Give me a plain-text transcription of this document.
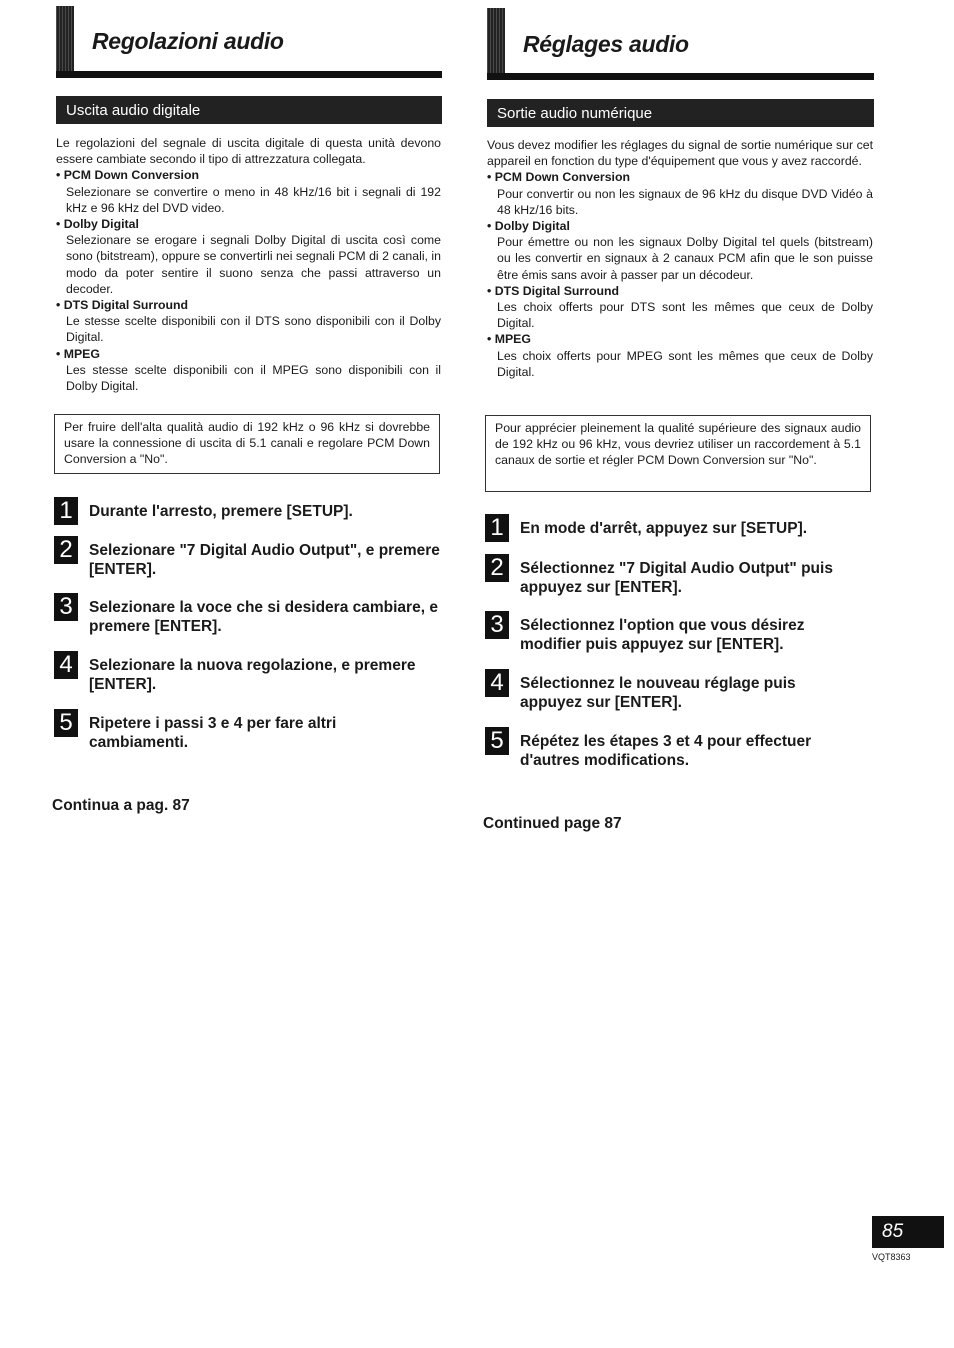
Regolazioni audio
Uscita audio digitale

Le regolazioni del segnale di uscita digitale di questa unità devono essere cambiate secondo il tipo di attrezzatura collegata.

• PCM Down Conversion

Selezionare se convertire o meno in 48 kHz/16 bit i segnali di 192 kHz e 96 kHz del DVD video.

• Dolby Digital

Selezionare se erogare i segnali Dolby Digital di uscita così come sono (bitstream), oppure se convertirli nei segnali PCM di 2 canali, in modo da poter sentire il suono senza che passi attraverso un decoder.

• DTS Digital Surround

Le stesse scelte disponibili con il DTS sono disponibili con il Dolby Digital.

• MPEG

Les stesse scelte disponibili con il MPEG sono disponibili con il Dolby Digital.

Per fruire dell'alta qualità audio di 192 kHz o 96 kHz si dovrebbe usare la connessione di uscita di 5.1 canali e regolare PCM Down Conversion a "No".
1	Durante l'arresto, premere [SETUP].
2	Selezionare "7 Digital Audio Output", e premere [ENTER].
3	Selezionare la voce che si desidera cambiare, e premere [ENTER].
4	Selezionare la nuova regolazione, e premere [ENTER].
5	Ripetere i passi 3 e 4 per fare altri cambiamenti.
Continua a pag. 87
Réglages audio
Sortie audio numérique

Vous devez modifier les réglages du signal de sortie numérique sur cet appareil en fonction du type d'équipement que vous y avez raccordé.

• PCM Down Conversion

Pour convertir ou non les signaux de 96 kHz du disque DVD Vidéo à 48 kHz/16 bits.

• Dolby Digital

Pour émettre ou non les signaux Dolby Digital tel quels (bitstream) ou les convertir en signaux à 2 canaux PCM afin que le son puisse être émis sans avoir à passer par un décodeur.

• DTS Digital Surround

Les choix offerts pour DTS sont les mêmes que ceux de Dolby Digital.

• MPEG

Les choix offerts pour MPEG sont les mêmes que ceux de Dolby Digital.

Pour apprécier pleinement la qualité supérieure des signaux audio de 192 kHz ou 96 kHz, vous devriez utiliser un raccordement à 5.1 canaux de sortie et régler PCM Down Conversion sur "No".
1	En mode d'arrêt, appuyez sur [SETUP].
2	Sélectionnez "7 Digital Audio Output" puis appuyez sur [ENTER].
3	Sélectionnez l'option que vous désirez modifier puis appuyez sur [ENTER].
4	Sélectionnez le nouveau réglage puis appuyez sur [ENTER].
5	Répétez les étapes 3 et 4 pour effectuer d'autres modifications.
Continued page 87
85
VQT8363
